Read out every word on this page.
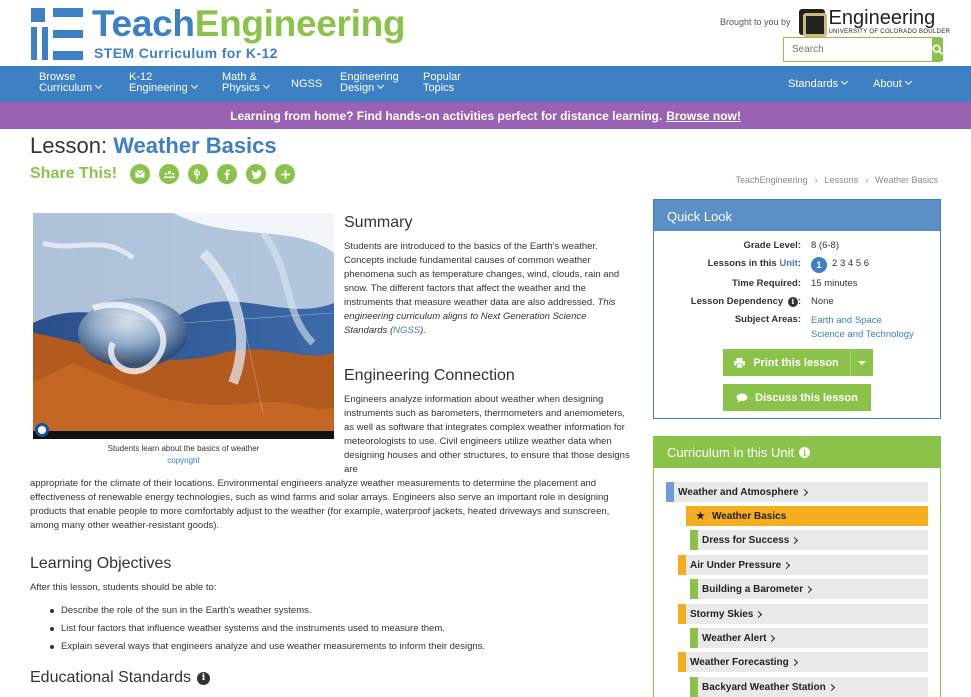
TeachEngineering
STEM Curriculum for K-12
Brought to you by Engineering
UNIVERSITY OF COLORADO BOULDER
Search
Browse
Curriculum
K-12
Engineering
Math &
Physics	NGSS
Engineering
Design
Popular
Topics	Standards	About
Learning from home? Find hands-on activities perfect for distance learning. Browse now!
Lesson: Weather Basics
Share This!	TeachEngineering › Lessons › Weather Basics
Students learn about the basics of weather
copyright
Summary
Students are introduced to the basics of the Earth's weather. Concepts include fundamental causes of common weather phenomena such as temperature changes, wind, clouds, rain and snow. The different factors that affect the weather and the instruments that measure weather data are also addressed. This engineering curriculum aligns to Next Generation Science Standards (NGSS).
Engineering Connection
Engineers analyze information about weather when designing instruments such as barometers, thermometers and anemometers, as well as software that integrates complex weather information for meteorologists to use. Civil engineers utilize weather data when designing houses and other structures, to ensure that those designs are
appropriate for the climate of their locations. Environmental engineers analyze weather measurements to determine the placement and effectiveness of renewable energy technologies, such as wind farms and solar arrays. Engineers also serve an important role in designing products that enable people to more comfortably adjust to the weather (for example, waterproof jackets, heated driveways and sunscreen, among many other weather-resistant goods).
Learning Objectives
After this lesson, students should be able to:
Describe the role of the sun in the Earth's weather systems.
List four factors that influence weather systems and the instruments used to measure them.
Explain several ways that engineers analyze and use weather measurements to inform their designs.
Educational Standards	i
Quick Look
Grade Level: 8 (6-8)
Lessons in this Unit:	1 2 3 4 5 6
Time Required: 15 minutes
Lesson Dependency i : None
Subject Areas: Earth and Space
Science and Technology
Print this lesson
Discuss this lesson
Curriculum in this Unit	i
Weather and Atmosphere
★ Weather Basics
Dress for Success
Air Under Pressure
Building a Barometer
Stormy Skies
Weather Alert
Weather Forecasting
Backyard Weather Station
